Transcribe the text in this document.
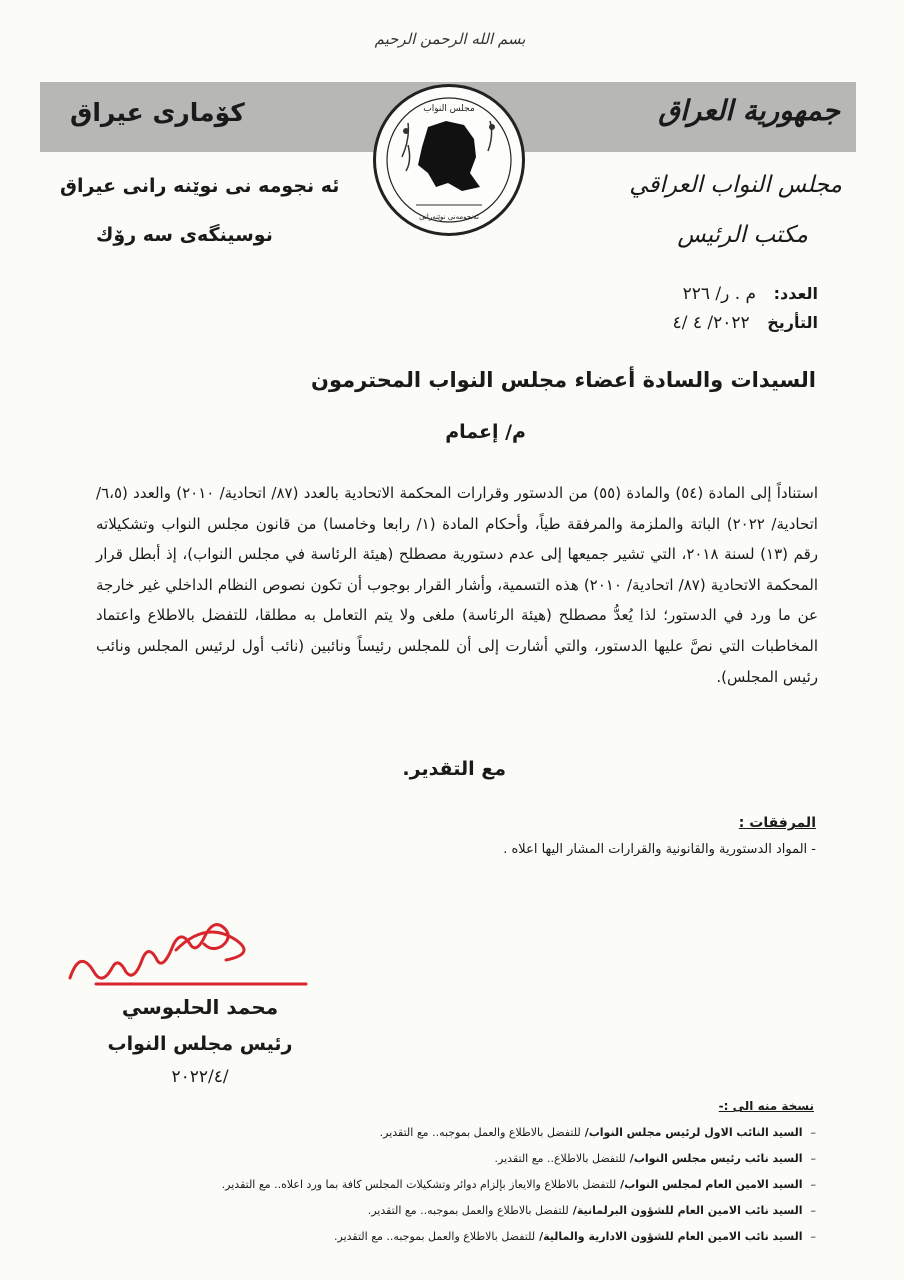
بسم الله الرحمن الرحيم
كۆمارى عيراق	جمهورية العراق
مجلس النواب
ئەنجومەنی نوێنەرانی
ئه نجومه نى نوێنه رانى عيراق
نوسينگەى سه رۆك
مجلس النواب العراقي
مكتب الرئيس
العدد: م . ر/ ٢٢٦
التأريخ ٢٠٢٢/ ٤ /٤
السيدات والسادة أعضاء مجلس النواب المحترمون
م/ إعمام
استناداً إلى المادة (٥٤) والمادة (٥٥) من الدستور وقرارات المحكمة الاتحادية بالعدد (٨٧/ اتحادية/ ٢٠١٠) والعدد (٦،٥/ اتحادية/ ٢٠٢٢) الباتة والملزمة والمرفقة طياً، وأحكام المادة (١/ رابعا وخامسا) من قانون مجلس النواب وتشكيلاته رقم (١٣) لسنة ٢٠١٨، التي تشير جميعها إلى عدم دستورية مصطلح (هيئة الرئاسة في مجلس النواب)، إذ أبطل قرار المحكمة الاتحادية (٨٧/ اتحادية/ ٢٠١٠) هذه التسمية، وأشار القرار بوجوب أن تكون نصوص النظام الداخلي غير خارجة عن ما ورد في الدستور؛ لذا يُعدُّ مصطلح (هيئة الرئاسة) ملغى ولا يتم التعامل به مطلقا، للتفضل بالاطلاع واعتماد المخاطبات التي نصَّ عليها الدستور، والتي أشارت إلى أن للمجلس رئيساً ونائبين (نائب أول لرئيس المجلس ونائب رئيس المجلس).
مع التقدير.
المرفقات :
- المواد الدستورية والقانونية والقرارات المشار اليها اعلاه .
محمد الحلبوسي
رئيس مجلس النواب
٢٠٢٢/٤/
نسخة منه الى :-
–السيد النائب الاول لرئيس مجلس النواب/للتفضل بالاطلاع والعمل بموجبه.. مع التقدير.
–السيد نائب رئيس مجلس النواب/للتفضل بالاطلاع.. مع التقدير.
–السيد الامين العام لمجلس النواب/للتفضل بالاطلاع والايعاز بإلزام دوائر وتشكيلات المجلس كافة بما ورد اعلاه.. مع التقدير.
–السيد نائب الامين العام للشؤون البرلمانية/للتفضل بالاطلاع والعمل بموجبه.. مع التقدير.
–السيد نائب الامين العام للشؤون الادارية والمالية/للتفضل بالاطلاع والعمل بموجبه.. مع التقدير.
